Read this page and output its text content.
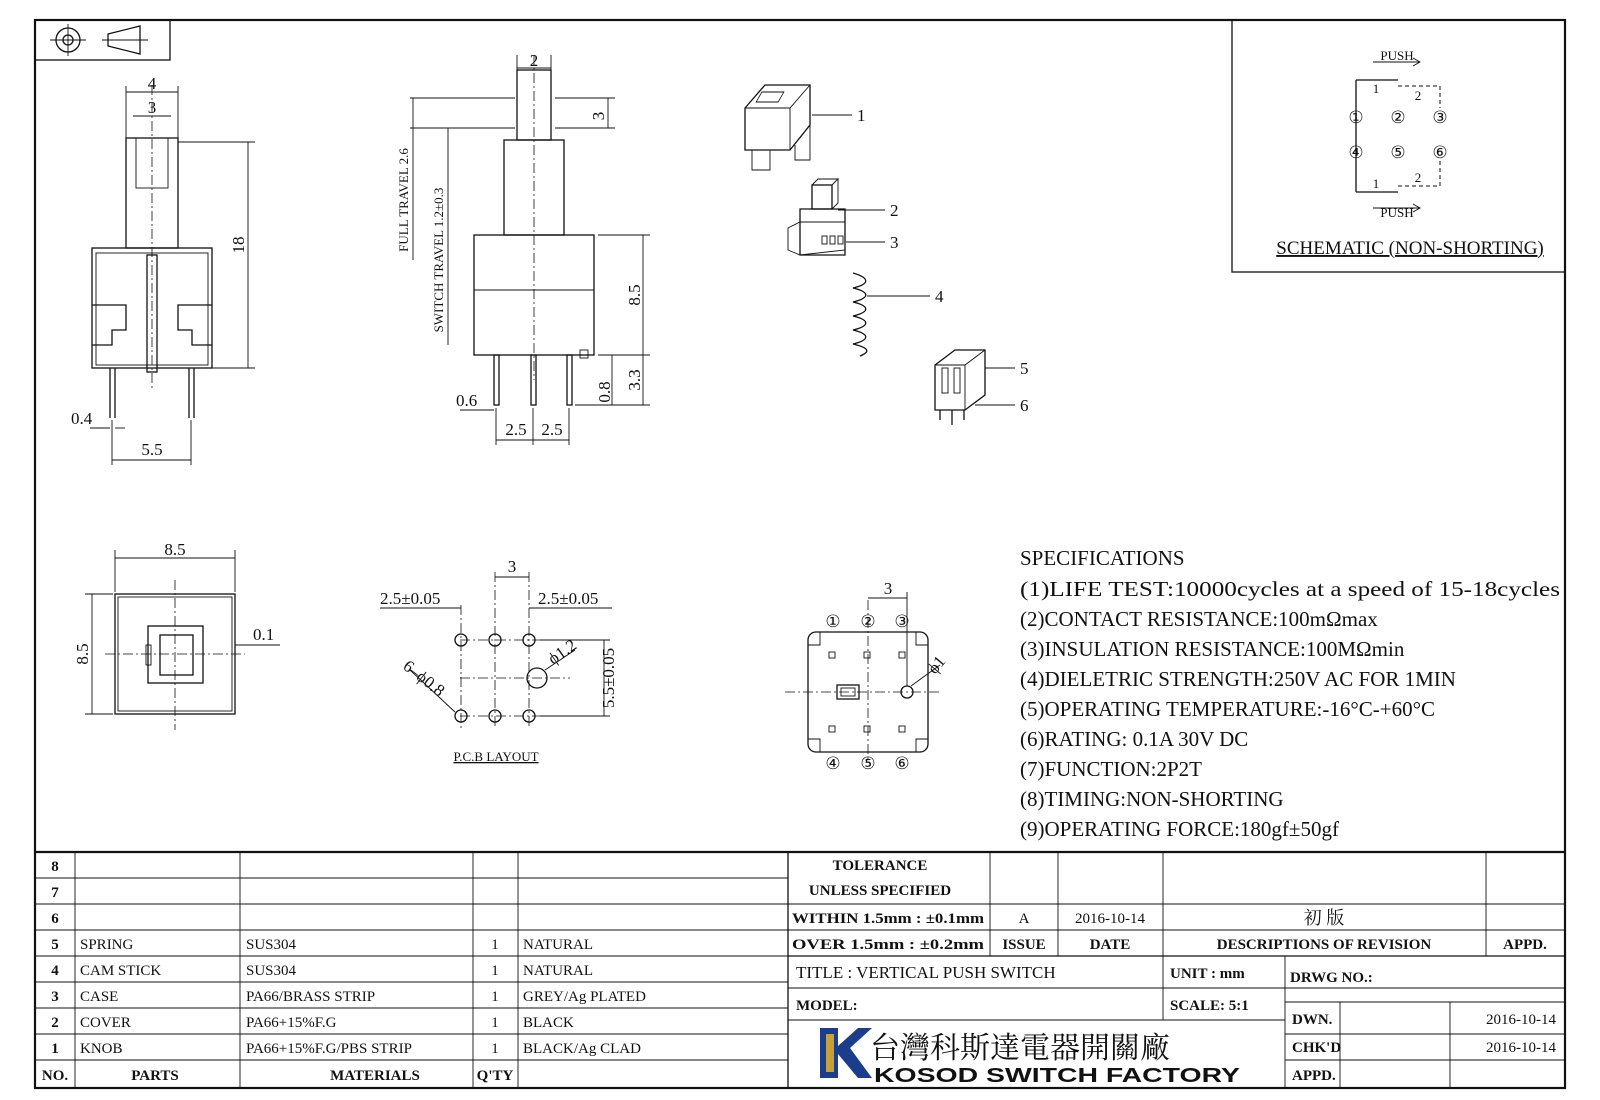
4
3
18
0.4
5.5
2
3
FULL TRAVEL 2.6 SWITCH TRAVEL 1.2±0.3	8.5
3.3
0.8
0.6
2.5 2.5
1
2
3
4
5
6
PUSH
PUSH
1	2
1	2
① ② ③
④ ⑤ ⑥
SCHEMATIC (NON-SHORTING)
8.5
8.5
0.1
3
2.5±0.05	2.5±0.05
ϕ1.2
6–ϕ0.8	5.5±0.05
P.C.B LAYOUT
3
ϕ1
① ② ③
④ ⑤ ⑥
SPECIFICATIONS
(1)LIFE TEST:10000cycles at a speed of 15-18cycles
(2)CONTACT RESISTANCE:100mΩmax
(3)INSULATION RESISTANCE:100MΩmin
(4)DIELETRIC STRENGTH:250V AC FOR 1MIN
(5)OPERATING TEMPERATURE:-16°C-+60°C
(6)RATING: 0.1A 30V DC
(7)FUNCTION:2P2T
(8)TIMING:NON-SHORTING
(9)OPERATING FORCE:180gf±50gf
8
7
6
5 SPRING	SUS304	1 NATURAL
4 CAM STICK	SUS304	1 NATURAL
3 CASE	PA66/BRASS STRIP	1 GREY/Ag PLATED
2 COVER	PA66+15%F.G	1 BLACK
1 KNOB	PA66+15%F.G/PBS STRIP	1 BLACK/Ag CLAD
NO.	PARTS	MATERIALS	Q'TY
TOLERANCE
UNLESS SPECIFIED
WITHIN 1.5mm : ±0.1mm
OVER 1.5mm : ±0.2mm
A	2016-10-14	初 版
ISSUE	DATE	DESCRIPTIONS OF REVISION	APPD.
TITLE : VERTICAL PUSH SWITCH	UNIT : mm	DRWG NO.:
MODEL:	SCALE: 5:1
DWN.	2016-10-14
CHK'D	2016-10-14
APPD.
台灣科斯達電器開關廠
KOSOD SWITCH FACTORY
